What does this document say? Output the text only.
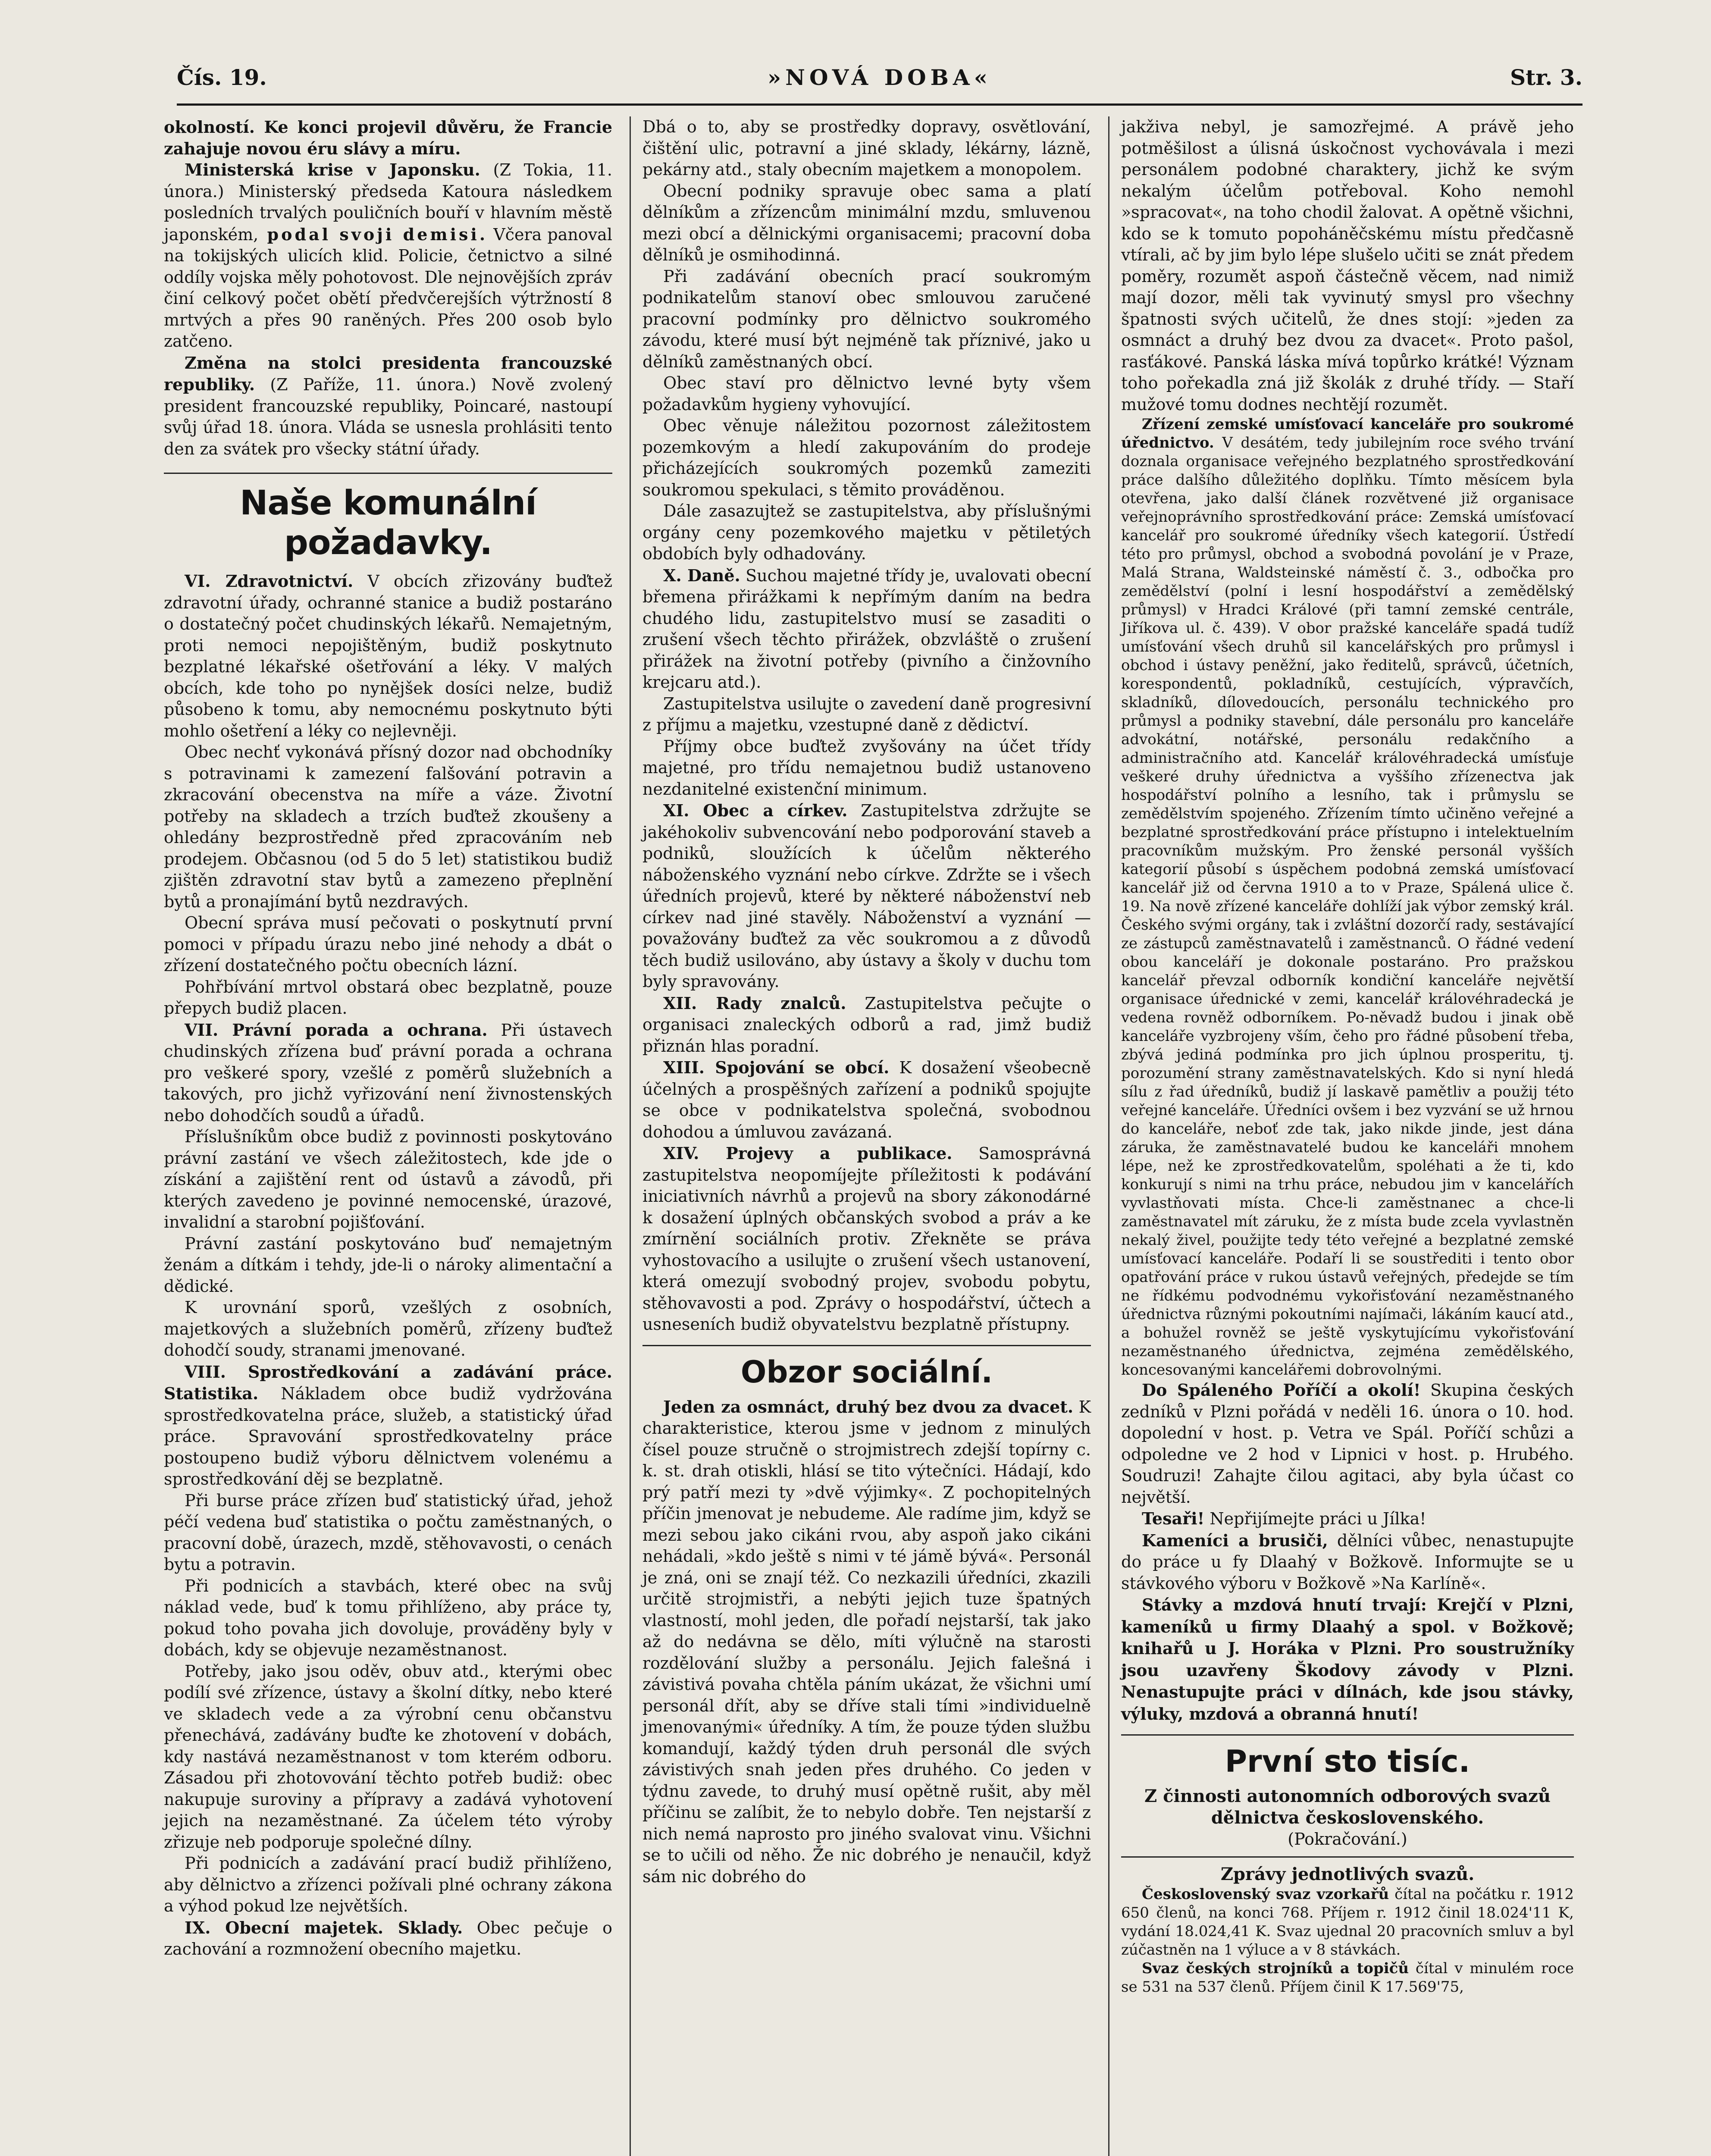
Čís. 19.	»NOVÁ DOBA«	Str. 3.

okolností. Ke konci projevil důvěru, že Francie zahajuje novou éru slávy a míru.

Ministerská krise v Japonsku. (Z Tokia, 11. února.) Ministerský předseda Katoura následkem posledních trvalých pouličních bouří v hlavním městě japonském, podal svoji demisi. Včera panoval na tokijských ulicích klid. Policie, četnictvo a silné oddíly vojska měly pohotovost. Dle nejnovějších zpráv činí celkový počet obětí předvčerejších výtržností 8 mrtvých a přes 90 raněných. Přes 200 osob bylo zatčeno.

Změna na stolci presidenta francouzské republiky. (Z Paříže, 11. února.) Nově zvolený president francouzské republiky, Poincaré, nastoupí svůj úřad 18. února. Vláda se usnesla prohlásiti tento den za svátek pro všecky státní úřady.

Naše komunální požadavky.

VI. Zdravotnictví. V obcích zřizovány buďtež zdravotní úřady, ochranné stanice a budiž postaráno o dostatečný počet chudinských lékařů. Nemajetným, proti nemoci nepojištěným, budiž poskytnuto bezplatné lékařské ošetřování a léky. V malých obcích, kde toho po nynějšek dosíci nelze, budiž působeno k tomu, aby nemocnému poskytnuto býti mohlo ošetření a léky co nejlevněji.

Obec nechť vykonává přísný dozor nad obchodníky s potravinami k zamezení falšování potravin a zkracování obecenstva na míře a váze. Životní potřeby na skladech a trzích buďtež zkoušeny a ohledány bezprostředně před zpracováním neb prodejem. Občasnou (od 5 do 5 let) statistikou budiž zjištěn zdravotní stav bytů a zamezeno přeplnění bytů a pronajímání bytů nezdravých.

Obecní správa musí pečovati o poskytnutí první pomoci v případu úrazu nebo jiné nehody a dbát o zřízení dostatečného počtu obecních lázní.

Pohřbívání mrtvol obstará obec bezplatně, pouze přepych budiž placen.

VII. Právní porada a ochrana. Při ústavech chudinských zřízena buď právní porada a ochrana pro veškeré spory, vzešlé z poměrů služebních a takových, pro jichž vyřizování není živnostenských nebo dohodčích soudů a úřadů.

Příslušníkům obce budiž z povinnosti poskytováno právní zastání ve všech záležitostech, kde jde o získání a zajištění rent od ústavů a závodů, při kterých zavedeno je povinné nemocenské, úrazové, invalidní a starobní pojišťování.

Právní zastání poskytováno buď nemajetným ženám a dítkám i tehdy, jde-li o nároky alimentační a dědické.

K urovnání sporů, vzešlých z osobních, majetkových a služebních poměrů, zřízeny buďtež dohodčí soudy, stranami jmenované.

VIII. Sprostředkování a zadávání práce. Statistika. Nákladem obce budiž vydržována sprostředkovatelna práce, služeb, a statistický úřad práce. Spravování sprostředkovatelny práce postoupeno budiž výboru dělnictvem volenému a sprostředkování děj se bezplatně.

Při burse práce zřízen buď statistický úřad, jehož péčí vedena buď statistika o počtu zaměstnaných, o pracovní době, úrazech, mzdě, stěhovavosti, o cenách bytu a potravin.

Při podnicích a stavbách, které obec na svůj náklad vede, buď k tomu přihlíženo, aby práce ty, pokud toho povaha jich dovoluje, prováděny byly v dobách, kdy se objevuje nezaměstnanost.

Potřeby, jako jsou oděv, obuv atd., kterými obec podílí své zřízence, ústavy a školní dítky, nebo které ve skladech vede a za výrobní cenu občanstvu přenechává, zadávány buďte ke zhotovení v dobách, kdy nastává nezaměstnanost v tom kterém odboru. Zásadou při zhotovování těchto potřeb budiž: obec nakupuje suroviny a přípravy a zadává vyhotovení jejich na nezaměstnané. Za účelem této výroby zřizuje neb podporuje společné dílny.

Při podnicích a zadávání prací budiž přihlíženo, aby dělnictvo a zřízenci požívali plné ochrany zákona a výhod pokud lze největších.

IX. Obecní majetek. Sklady. Obec pečuje o zachování a rozmnožení obecního majetku.

Dbá o to, aby se prostředky dopravy, osvětlování, čištění ulic, potravní a jiné sklady, lékárny, lázně, pekárny atd., staly obecním majetkem a monopolem.

Obecní podniky spravuje obec sama a platí dělníkům a zřízencům minimální mzdu, smluvenou mezi obcí a dělnickými organisacemi; pracovní doba dělníků je osmihodinná.

Při zadávání obecních prací soukromým podnikatelům stanoví obec smlouvou zaručené pracovní podmínky pro dělnictvo soukromého závodu, které musí být nejméně tak příznivé, jako u dělníků zaměstnaných obcí.

Obec staví pro dělnictvo levné byty všem požadavkům hygieny vyhovující.

Obec věnuje náležitou pozornost záležitostem pozemkovým a hledí zakupováním do prodeje přicházejících soukromých pozemků zameziti soukromou spekulaci, s těmito prováděnou.

Dále zasazujtež se zastupitelstva, aby příslušnými orgány ceny pozemkového majetku v pětiletých obdobích byly odhadovány.

X. Daně. Suchou majetné třídy je, uvalovati obecní břemena přirážkami k nepřímým daním na bedra chudého lidu, zastupitelstvo musí se zasaditi o zrušení všech těchto přirážek, obzvláště o zrušení přirážek na životní potřeby (pivního a činžovního krejcaru atd.).

Zastupitelstva usilujte o zavedení daně progresivní z příjmu a majetku, vzestupné daně z dědictví.

Příjmy obce buďtež zvyšovány na účet třídy majetné, pro třídu nemajetnou budiž ustanoveno nezdanitelné existenční minimum.

XI. Obec a církev. Zastupitelstva zdržujte se jakéhokoliv subvencování nebo podporování staveb a podniků, sloužících k účelům některého náboženského vyznání nebo církve. Zdržte se i všech úředních projevů, které by některé náboženství neb církev nad jiné stavěly. Náboženství a vyznání — považovány buďtež za věc soukromou a z důvodů těch budiž usilováno, aby ústavy a školy v duchu tom byly spravovány.

XII. Rady znalců. Zastupitelstva pečujte o organisaci znaleckých odborů a rad, jimž budiž přiznán hlas poradní.

XIII. Spojování se obcí. K dosažení všeobecně účelných a prospěšných zařízení a podniků spojujte se obce v podnikatelstva společná, svobodnou dohodou a úmluvou zavázaná.

XIV. Projevy a publikace. Samosprávná zastupitelstva neopomíjejte příležitosti k podávání iniciativních návrhů a projevů na sbory zákonodárné k dosažení úplných občanských svobod a práv a ke zmírnění sociálních protiv. Zřekněte se práva vyhostovacího a usilujte o zrušení všech ustanovení, která omezují svobodný projev, svobodu pobytu, stěhovavosti a pod. Zprávy o hospodářství, účtech a usneseních budiž obyvatelstvu bezplatně přístupny.

Obzor sociální.

Jeden za osmnáct, druhý bez dvou za dvacet. K charakteristice, kterou jsme v jednom z minulých čísel pouze stručně o strojmistrech zdejší topírny c. k. st. drah otiskli, hlásí se tito výtečníci. Hádají, kdo prý patří mezi ty »dvě výjimky«. Z pochopitelných příčin jmenovat je nebudeme. Ale radíme jim, když se mezi sebou jako cikáni rvou, aby aspoň jako cikáni nehádali, »kdo ještě s nimi v té jámě bývá«. Personál je zná, oni se znají též. Co nezkazili úředníci, zkazili určitě strojmistři, a nebýti jejich tuze špatných vlastností, mohl jeden, dle pořadí nejstarší, tak jako až do nedávna se dělo, míti výlučně na starosti rozdělování služby a personálu. Jejich falešná i závistivá povaha chtěla páním ukázat, že všichni umí personál dřít, aby se dříve stali tími »individuelně jmenovanými« úředníky. A tím, že pouze týden službu komandují, každý týden druh personál dle svých závistivých snah jeden přes druhého. Co jeden v týdnu zavede, to druhý musí opětně rušit, aby měl příčinu se zalíbit, že to nebylo dobře. Ten nejstarší z nich nemá naprosto pro jiného svalovat vinu. Všichni se to učili od něho. Že nic dobrého je nenaučil, když sám nic dobrého do

jakživa nebyl, je samozřejmé. A právě jeho potměšilost a úlisná úskočnost vychovávala i mezi personálem podobné charaktery, jichž ke svým nekalým účelům potřeboval. Koho nemohl »spracovat«, na toho chodil žalovat. A opětně všichni, kdo se k tomuto popoháněčskému místu předčasně vtírali, ač by jim bylo lépe slušelo učiti se znát předem poměry, rozumět aspoň částečně věcem, nad nimiž mají dozor, měli tak vyvinutý smysl pro všechny špatnosti svých učitelů, že dnes stojí: »jeden za osmnáct a druhý bez dvou za dvacet«. Proto pašol, rasťákové. Panská láska mívá topůrko krátké! Význam toho pořekadla zná již školák z druhé třídy. — Staří mužové tomu dodnes nechtějí rozumět.

Zřízení zemské umísťovací kanceláře pro soukromé úřednictvo. V desátém, tedy jubilejním roce svého trvání doznala organisace veřejného bezplatného sprostředkování práce dalšího důležitého doplňku. Tímto měsícem byla otevřena, jako další článek rozvětvené již organisace veřejnoprávního sprostředkování práce: Zemská umísťovací kancelář pro soukromé úředníky všech kategorií. Ústředí této pro průmysl, obchod a svobodná povolání je v Praze, Malá Strana, Waldsteinské náměstí č. 3., odbočka pro zemědělství (polní i lesní hospodářství a zemědělský průmysl) v Hradci Králové (při tamní zemské centrále, Jiříkova ul. č. 439). V obor pražské kanceláře spadá tudíž umísťování všech druhů sil kancelářských pro průmysl i obchod i ústavy peněžní, jako ředitelů, správců, účetních, korespondentů, pokladníků, cestujících, výpravčích, skladníků, dílovedoucích, personálu technického pro průmysl a podniky stavební, dále personálu pro kanceláře advokátní, notářské, personálu redakčního a administračního atd. Kancelář královéhradecká umísťuje veškeré druhy úřednictva a vyššího zřízenectva jak hospodářství polního a lesního, tak i průmyslu se zemědělstvím spojeného. Zřízením tímto učiněno veřejné a bezplatné sprostředkování práce přístupno i intelektuelním pracovníkům mužským. Pro ženské personál vyšších kategorií působí s úspěchem podobná zemská umísťovací kancelář již od června 1910 a to v Praze, Spálená ulice č. 19. Na nově zřízené kanceláře dohlíží jak výbor zemský král. Českého svými orgány, tak i zvláštní dozorčí rady, sestávající ze zástupců zaměstnavatelů i zaměstnanců. O řádné vedení obou kanceláří je dokonale postaráno. Pro pražskou kancelář převzal odborník kondiční kanceláře největší organisace úřednické v zemi, kancelář královéhradecká je vedena rovněž odborníkem. Po-něvadž budou i jinak obě kanceláře vyzbrojeny vším, čeho pro řádné působení třeba, zbývá jediná podmínka pro jich úplnou prosperitu, tj. porozumění strany zaměstnavatelských. Kdo si nyní hledá sílu z řad úředníků, budiž jí laskavě pamětliv a použij této veřejné kanceláře. Úředníci ovšem i bez vyzvání se už hrnou do kanceláře, neboť zde tak, jako nikde jinde, jest dána záruka, že zaměstnavatelé budou ke kanceláři mnohem lépe, než ke zprostředkovatelům, spoléhati a že ti, kdo konkurují s nimi na trhu práce, nebudou jim v kancelářích vyvlastňovati místa. Chce-li zaměstnanec a chce-li zaměstnavatel mít záruku, že z místa bude zcela vyvlastněn nekalý živel, použijte tedy této veřejné a bezplatné zemské umísťovací kanceláře. Podaří li se soustřediti i tento obor opatřování práce v rukou ústavů veřejných, předejde se tím ne řídkému podvodnému vykořisťování nezaměstnaného úřednictva různými pokoutními najímači, lákáním kaucí atd., a bohužel rovněž se ještě vyskytujícímu vykořisťování nezaměstnaného úřednictva, zejména zemědělského, koncesovanými kancelářemi dobrovolnými.

Do Spáleného Poříčí a okolí! Skupina českých zedníků v Plzni pořádá v neděli 16. února o 10. hod. dopolední v host. p. Vetra ve Spál. Poříčí schůzi a odpoledne ve 2 hod v Lipnici v host. p. Hrubého. Soudruzi! Zahajte čilou agitaci, aby byla účast co největší.

Tesaři! Nepřijímejte práci u Jílka!

Kameníci a brusiči, dělníci vůbec, nenastupujte do práce u fy Dlaahý v Božkově. Informujte se u stávkového výboru v Božkově »Na Karlíně«.

Stávky a mzdová hnutí trvají: Krejčí v Plzni, kameníků u firmy Dlaahý a spol. v Božkově; knihařů u J. Horáka v Plzni. Pro soustružníky jsou uzavřeny Škodovy závody v Plzni. Nenastupujte práci v dílnách, kde jsou stávky, výluky, mzdová a obranná hnutí!

První sto tisíc.
Z činnosti autonomních odborových svazů dělnictva československého.
(Pokračování.)
Zprávy jednotlivých svazů.

Československý svaz vzorkařů čítal na počátku r. 1912 650 členů, na konci 768. Příjem r. 1912 činil 18.024'11 K, vydání 18.024,41 K. Svaz ujednal 20 pracovních smluv a byl zúčastněn na 1 výluce a v 8 stávkách.

Svaz českých strojníků a topičů čítal v minulém roce se 531 na 537 členů. Příjem činil K 17.569'75,
